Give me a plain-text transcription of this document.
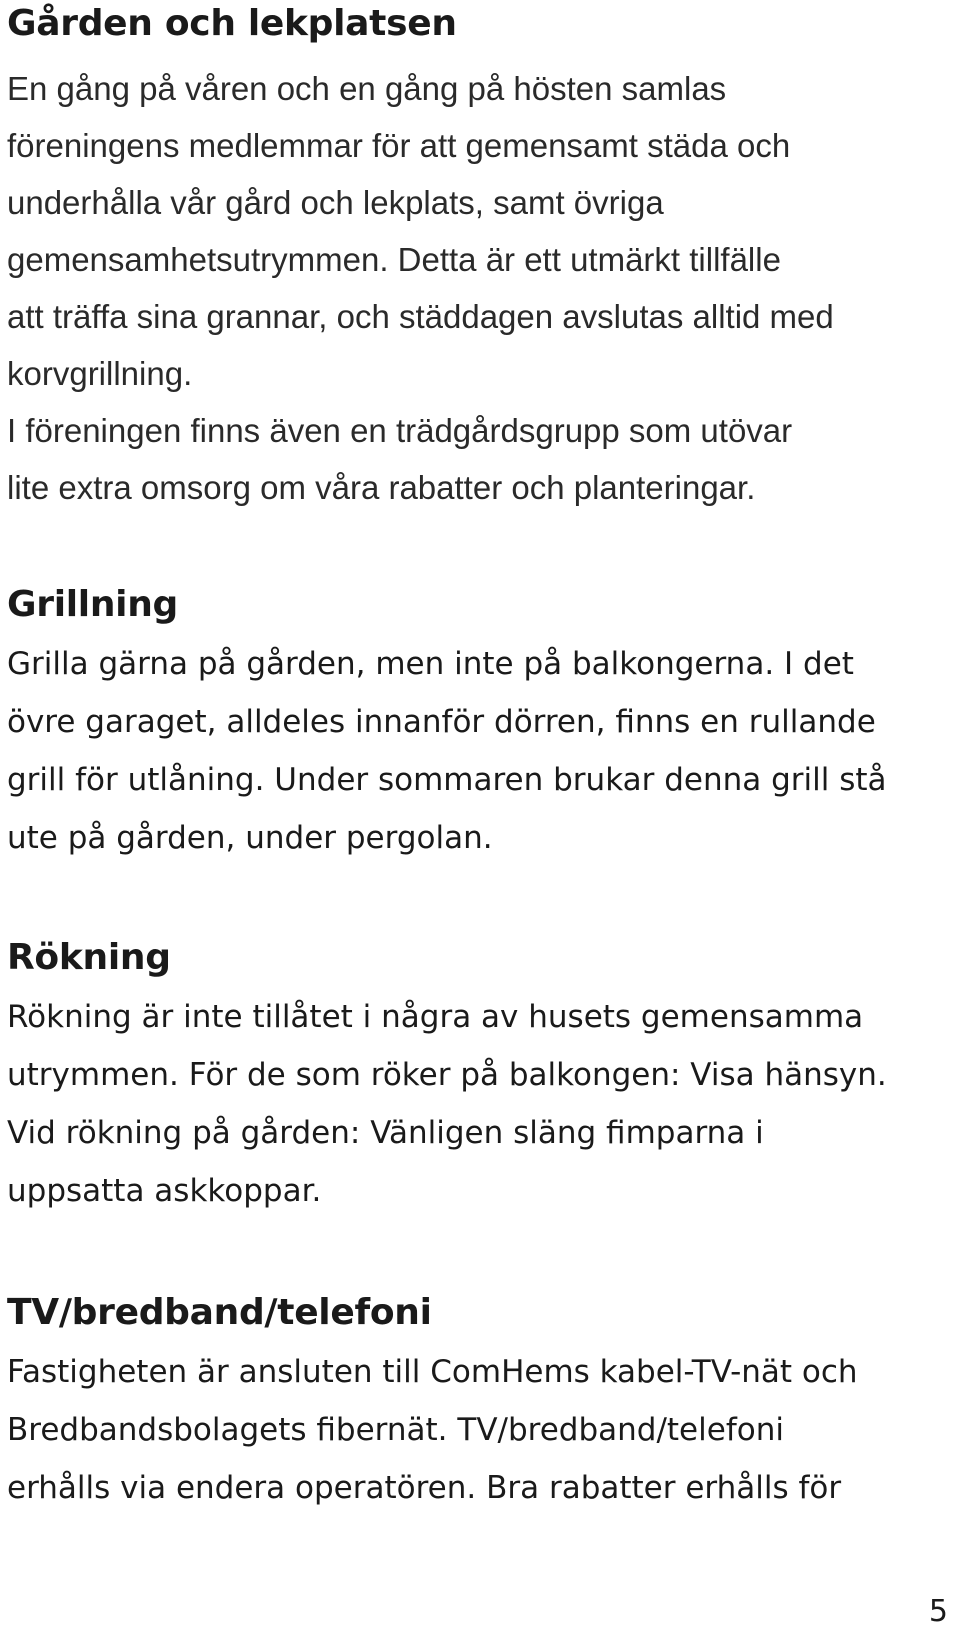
Gården och lekplatsen

En gång på våren och en gång på hösten samlas
föreningens medlemmar för att gemensamt städa och
underhålla vår gård och lekplats, samt övriga
gemensamhetsutrymmen. Detta är ett utmärkt tillfälle
att träffa sina grannar, och städdagen avslutas alltid med
korvgrillning.
I föreningen finns även en trädgårdsgrupp som utövar
lite extra omsorg om våra rabatter och planteringar.

Grillning

Grilla gärna på gården, men inte på balkongerna. I det
övre garaget, alldeles innanför dörren, finns en rullande
grill för utlåning. Under sommaren brukar denna grill stå
ute på gården, under pergolan.

Rökning

Rökning är inte tillåtet i några av husets gemensamma
utrymmen. För de som röker på balkongen: Visa hänsyn.
Vid rökning på gården: Vänligen släng fimparna i
uppsatta askkoppar.

TV/bredband/telefoni

Fastigheten är ansluten till ComHems kabel-TV-nät och
Bredbandsbolagets fibernät. TV/bredband/telefoni
erhålls via endera operatören. Bra rabatter erhålls för

5
